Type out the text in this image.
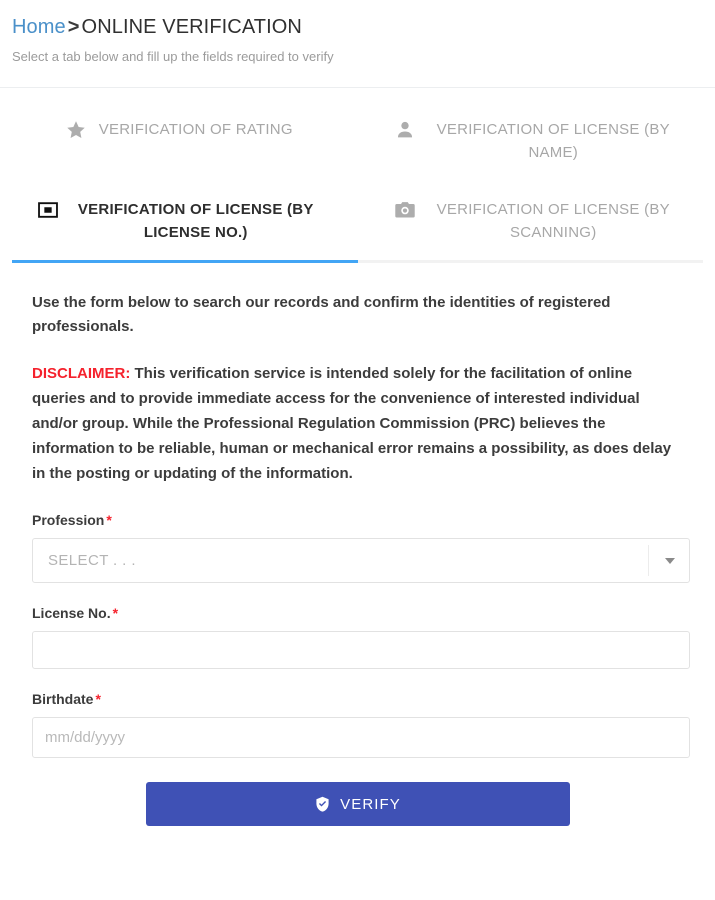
Home > ONLINE VERIFICATION
Select a tab below and fill up the fields required to verify
VERIFICATION OF RATING	VERIFICATION OF LICENSE (BY NAME)
VERIFICATION OF LICENSE (BY LICENSE NO.)
VERIFICATION OF LICENSE (BY SCANNING)

Use the form below to search our records and confirm the identities of registered professionals.

DISCLAIMER: This verification service is intended solely for the facilitation of online queries and to provide immediate access for the convenience of interested individual and/or group. While the Professional Regulation Commission (PRC) believes the information to be reliable, human or mechanical error remains a possibility, as does delay in the posting or updating of the information.

Profession *
SELECT . . .
License No. *
Birthdate *
mm/dd/yyyy
VERIFY
